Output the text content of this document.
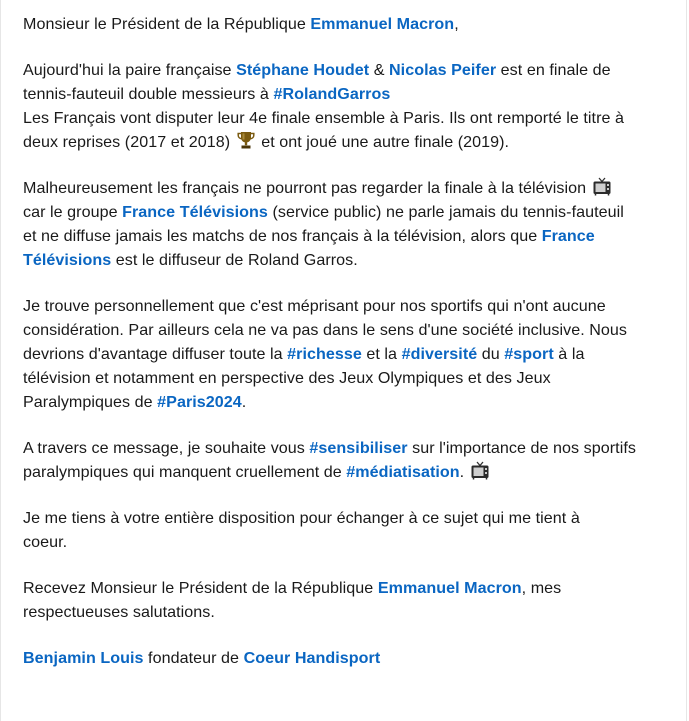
Monsieur le Président de la République Emmanuel Macron,
Aujourd'hui la paire française Stéphane Houdet & Nicolas Peifer est en finale de
tennis-fauteuil double messieurs à #RolandGarros
Les Français vont disputer leur 4e finale ensemble à Paris. Ils ont remporté le titre à
deux reprises (2017 et 2018)  et ont joué une autre finale (2019).
Malheureusement les français ne pourront pas regarder la finale à la télévision
car le groupe France Télévisions (service public) ne parle jamais du tennis-fauteuil
et ne diffuse jamais les matchs de nos français à la télévision, alors que France
Télévisions est le diffuseur de Roland Garros.
Je trouve personnellement que c'est méprisant pour nos sportifs qui n'ont aucune
considération. Par ailleurs cela ne va pas dans le sens d'une société inclusive. Nous
devrions d'avantage diffuser toute la #richesse et la #diversité du #sport à la
télévision et notamment en perspective des Jeux Olympiques et des Jeux
Paralympiques de #Paris2024.
A travers ce message, je souhaite vous #sensibiliser sur l'importance de nos sportifs
paralympiques qui manquent cruellement de #médiatisation.
Je me tiens à votre entière disposition pour échanger à ce sujet qui me tient à
coeur.
Recevez Monsieur le Président de la République Emmanuel Macron, mes
respectueuses salutations.
Benjamin Louis fondateur de Coeur Handisport
